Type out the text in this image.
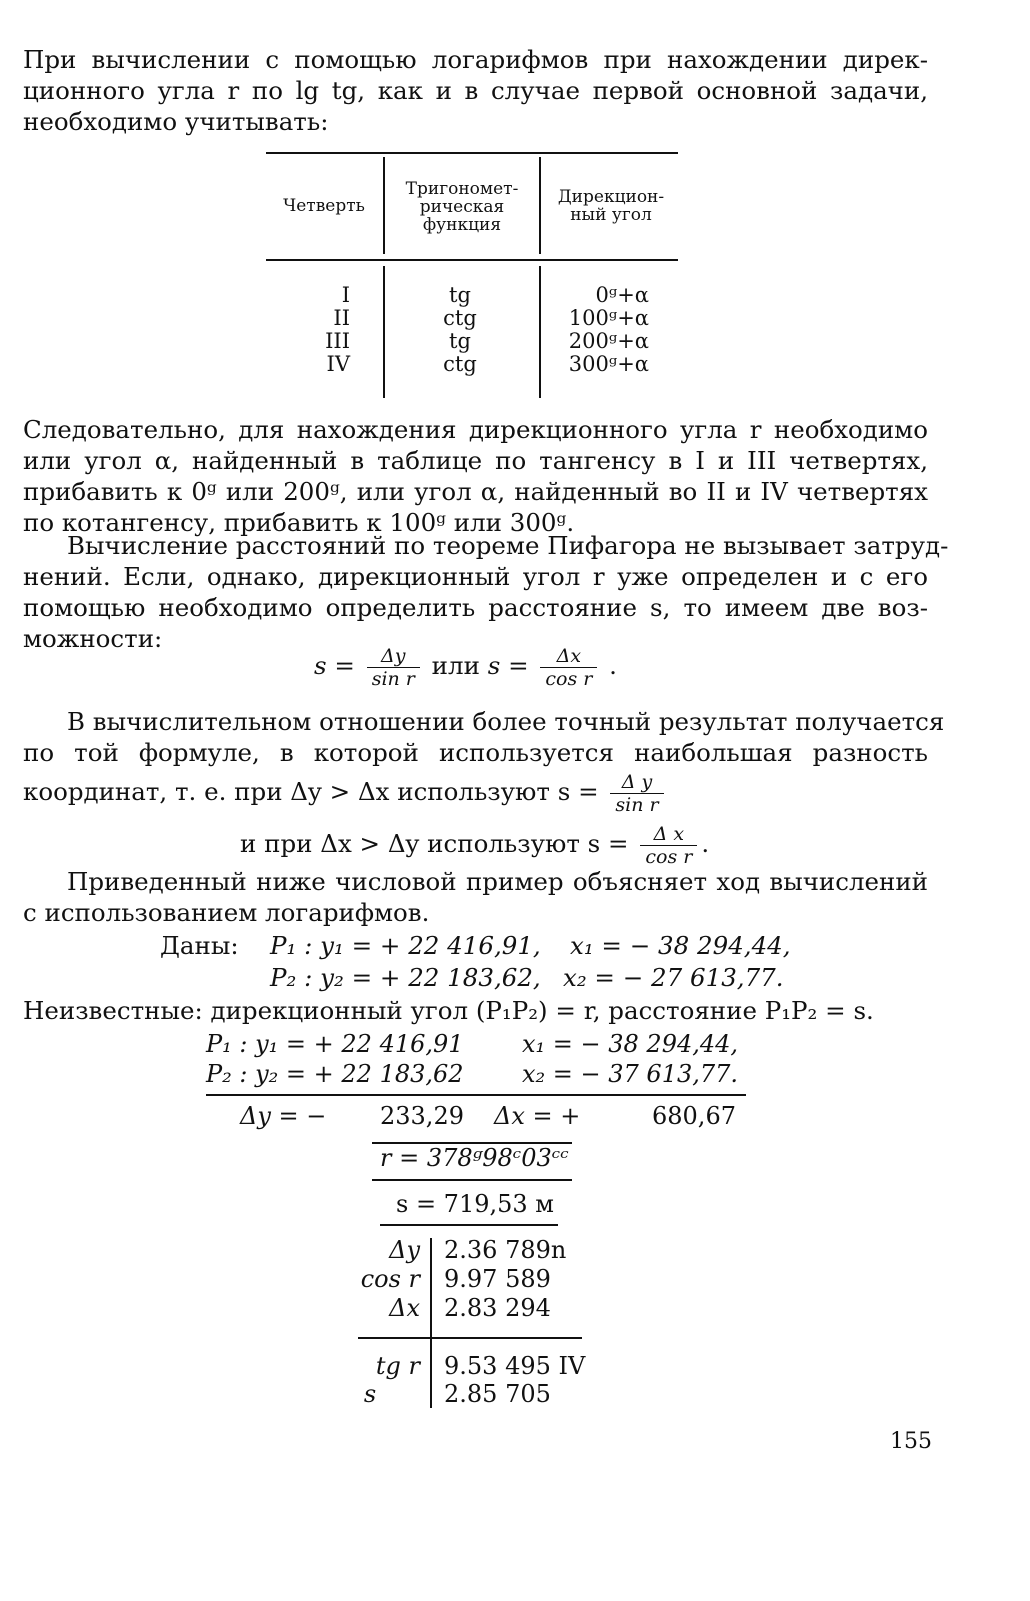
При вычислении с помощью логарифмов при нахождении дирек-
ционного угла r по lg tg, как и в случае первой основной задачи,
необходимо учитывать:
Четверть
Тригономет-
рическая
функция
Дирекцион-
ный угол
I
II
III
IV
tg
ctg
tg
ctg
0ᵍ+α
100ᵍ+α
200ᵍ+α
300ᵍ+α
Следовательно, для нахождения дирекционного угла r необходимо
или угол α, найденный в таблице по тангенсу в I и III четвертях,
прибавить к 0ᵍ или 200ᵍ, или угол α, найденный во II и IV четвертях
по котангенсу, прибавить к 100ᵍ или 300ᵍ.
Вычисление расстояний по теореме Пифагора не вызывает затруд-
нений. Если, однако, дирекционный угол r уже определен и с его
помощью необходимо определить расстояние s, то имеем две воз-
можности:
$s = \frac{\Delta y}{\text{sin r}}$ или $s = \frac{\Delta x}{\text{cos r}}$ .
В вычислительном отношении более точный результат получается
по той формуле, в которой используется наибольшая разность
координат, т. е. при Δy > Δx используют $s = \frac{\text{Δ y}}{\text{sin r}}$
и при Δx > Δy используют $s = \frac{\text{Δ x}}{\text{cos r}}$ .
Приведенный ниже числовой пример объясняет ход вычислений
с использованием логарифмов.
Даны: P₁ : y₁ = + 22 416,91, x₁ = − 38 294,44,
P₂ : y₂ = + 22 183,62, x₂ = − 27 613,77.
Неизвестные: дирекционный угол (P₁P₂) = r, расстояние P₁P₂ = s.
P₁ : y₁ = + 22 416,91 x₁ = − 38 294,44,
P₂ : y₂ = + 22 183,62 x₂ = − 37 613,77.
Δy = − 233,29 Δx = +	680,67
r = 378ᵍ98ᶜ03ᶜᶜ
s = 719,53 м
Δy 2.36 789n
cos r 9.97 589
Δx 2.83 294
tg r 9.53 495 IV
s	2.85 705
155
